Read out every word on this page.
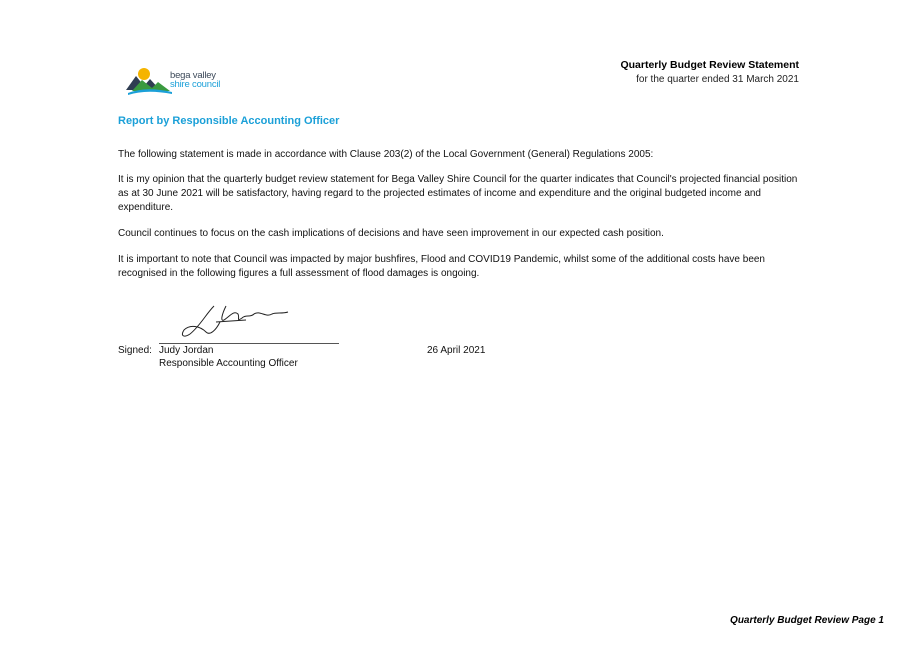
bega valley
shire council
Quarterly Budget Review Statement
for the quarter ended 31 March 2021
Report by Responsible Accounting Officer

The following statement is made in accordance with Clause 203(2) of the Local Government (General) Regulations 2005:

It is my opinion that the quarterly budget review statement for Bega Valley Shire Council for the quarter indicates that Council's projected financial position as at 30 June 2021 will be satisfactory, having regard to the projected estimates of income and expenditure and the original budgeted income and expenditure.

Council continues to focus on the cash implications of decisions and have seen improvement in our expected cash position.

It is important to note that Council was impacted by major bushfires, Flood and COVID19 Pandemic, whilst some of the additional costs have been recognised in the following figures a full assessment of flood damages is ongoing.

Signed: Judy Jordan
Responsible Accounting Officer
26 April 2021
Quarterly Budget Review Page 1
